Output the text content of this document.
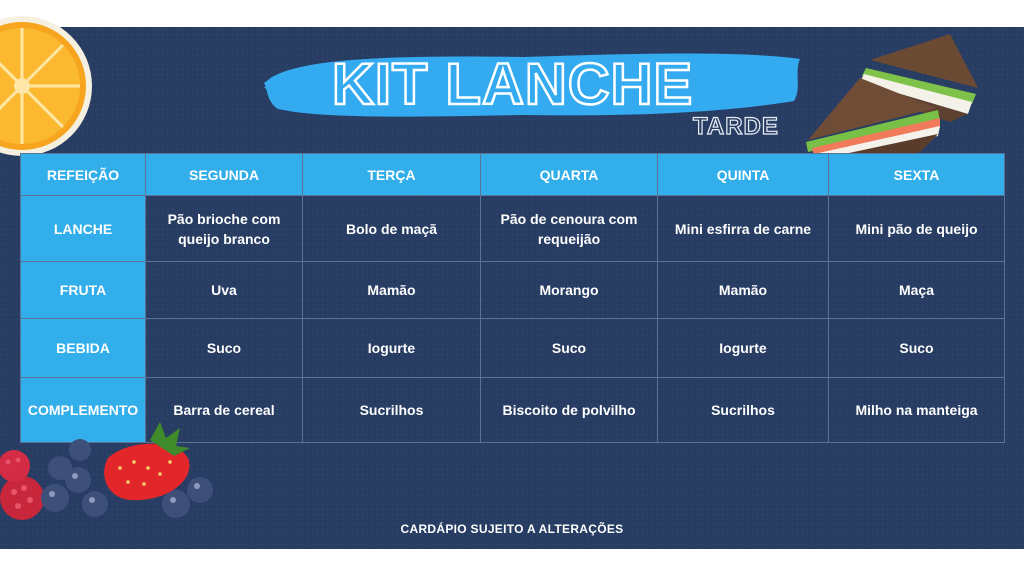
KIT LANCHE
TARDE
REFEIÇÃO	SEGUNDA	TERÇA	QUARTA	QUINTA	SEXTA
LANCHE	Pão brioche com queijo branco	Bolo de maçã	Pão de cenoura com requeijão	Mini esfirra de carne	Mini pão de queijo
FRUTA	Uva	Mamão	Morango	Mamão	Maça
BEBIDA	Suco	Iogurte	Suco	Iogurte	Suco
COMPLEMENTO	Barra de cereal	Sucrilhos	Biscoito de polvilho	Sucrilhos	Milho na manteiga
CARDÁPIO SUJEITO A ALTERAÇÕES
